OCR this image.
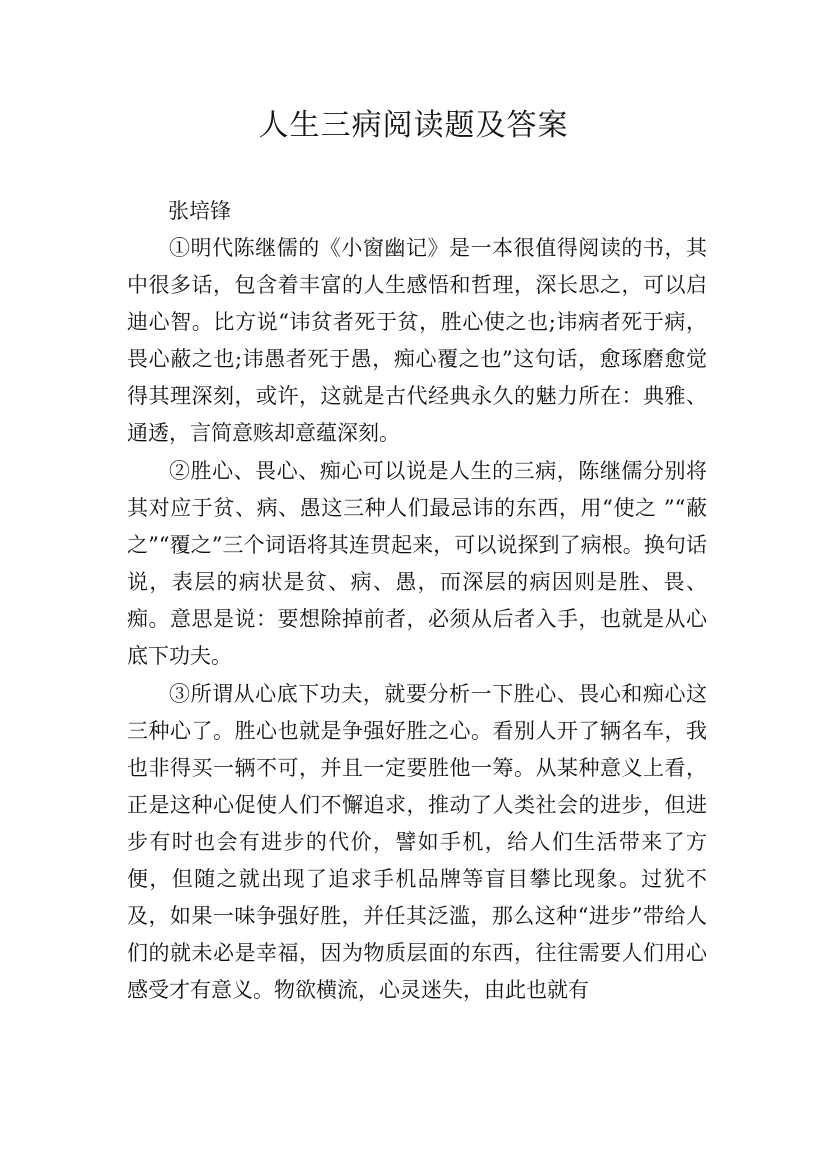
人生三病阅读题及答案
张培锋

①明代陈继儒的《小窗幽记》是一本很值得阅读的书，其中很多话，包含着丰富的人生感悟和哲理，深长思之，可以启迪心智。比方说“讳贫者死于贫，胜心使之也;讳病者死于病，畏心蔽之也;讳愚者死于愚，痴心覆之也”这句话，愈琢磨愈觉得其理深刻，或许，这就是古代经典永久的魅力所在：典雅、通透，言简意赅却意蕴深刻。

②胜心、畏心、痴心可以说是人生的三病，陈继儒分别将其对应于贫、病、愚这三种人们最忌讳的东西，用“使之 ”“蔽之”“覆之”三个词语将其连贯起来，可以说探到了病根。换句话说，表层的病状是贫、病、愚，而深层的病因则是胜、畏、痴。意思是说：要想除掉前者，必须从后者入手，也就是从心底下功夫。

③所谓从心底下功夫，就要分析一下胜心、畏心和痴心这三种心了。胜心也就是争强好胜之心。看别人开了辆名车，我也非得买一辆不可，并且一定要胜他一筹。从某种意义上看，正是这种心促使人们不懈追求，推动了人类社会的进步，但进步有时也会有进步的代价，譬如手机，给人们生活带来了方便，但随之就出现了追求手机品牌等盲目攀比现象。过犹不及，如果一味争强好胜，并任其泛滥，那么这种“进步”带给人们的就未必是幸福，因为物质层面的东西，往往需要人们用心感受才有意义。物欲横流，心灵迷失，由此也就有
